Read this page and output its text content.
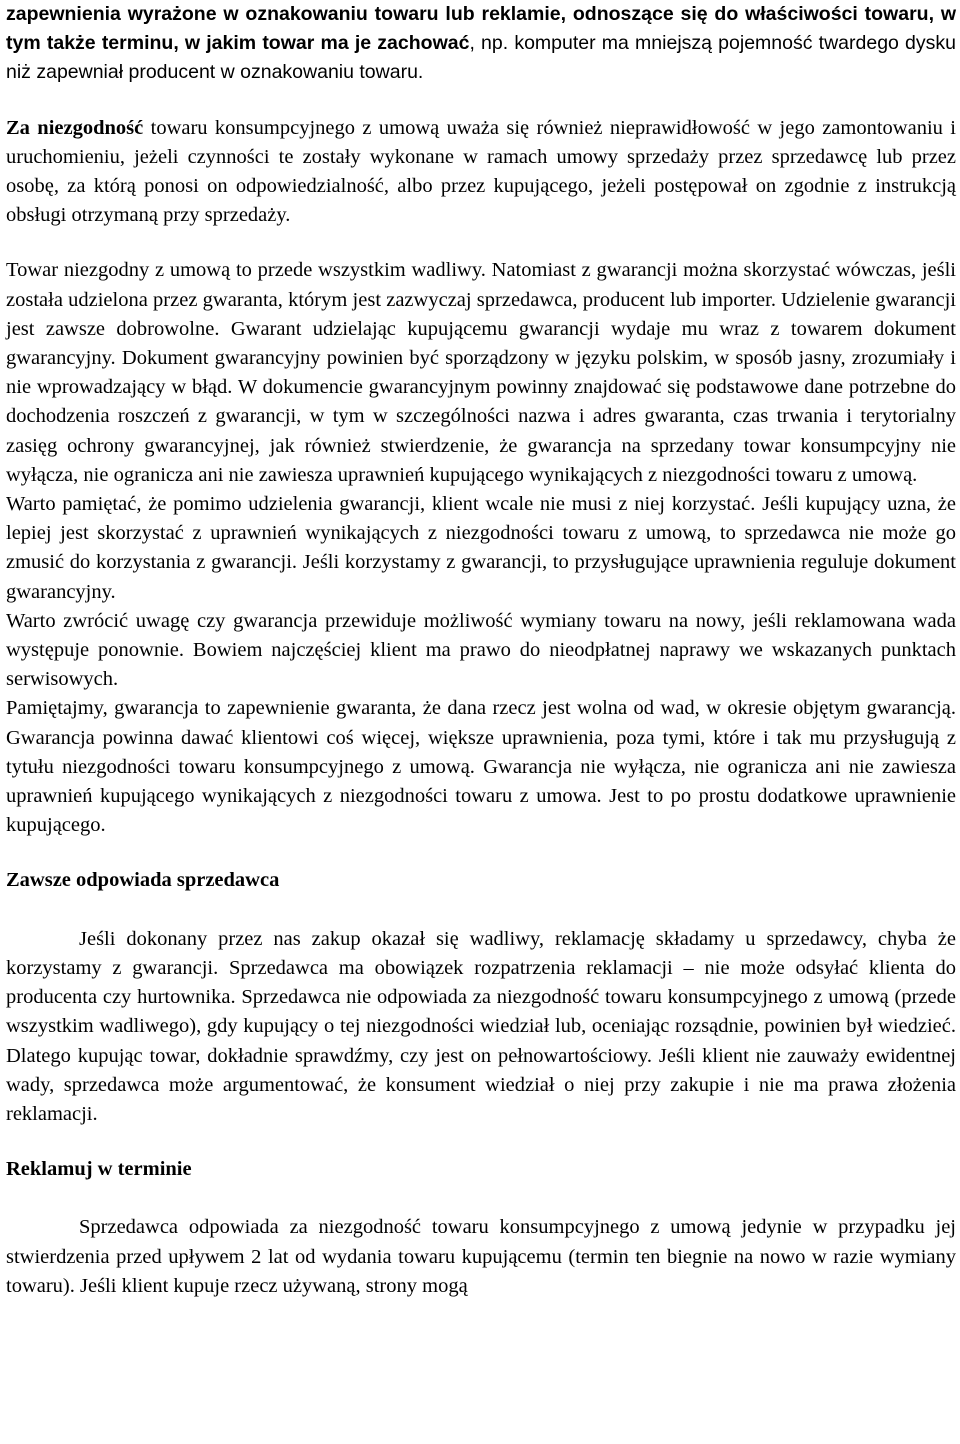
zapewnienia wyrażone w oznakowaniu towaru lub reklamie, odnoszące się do właściwości towaru, w tym także terminu, w jakim towar ma je zachować, np. komputer ma mniejszą pojemność twardego dysku niż zapewniał producent w oznakowaniu towaru.

Za niezgodność towaru konsumpcyjnego z umową uważa się również nieprawidłowość w jego zamontowaniu i uruchomieniu, jeżeli czynności te zostały wykonane w ramach umowy sprzedaży przez sprzedawcę lub przez osobę, za którą ponosi on odpowiedzialność, albo przez kupującego, jeżeli postępował on zgodnie z instrukcją obsługi otrzymaną przy sprzedaży.

Towar niezgodny z umową to przede wszystkim wadliwy. Natomiast z gwarancji można skorzystać wówczas, jeśli została udzielona przez gwaranta, którym jest zazwyczaj sprzedawca, producent lub importer. Udzielenie gwarancji jest zawsze dobrowolne. Gwarant udzielając kupującemu gwarancji wydaje mu wraz z towarem dokument gwarancyjny. Dokument gwarancyjny powinien być sporządzony w języku polskim, w sposób jasny, zrozumiały i nie wprowadzający w błąd. W dokumencie gwarancyjnym powinny znajdować się podstawowe dane potrzebne do dochodzenia roszczeń z gwarancji, w tym w szczególności nazwa i adres gwaranta, czas trwania i terytorialny zasięg ochrony gwarancyjnej, jak również stwierdzenie, że gwarancja na sprzedany towar konsumpcyjny nie wyłącza, nie ogranicza ani nie zawiesza uprawnień kupującego wynikających z niezgodności towaru z umową.

Warto pamiętać, że pomimo udzielenia gwarancji, klient wcale nie musi z niej korzystać. Jeśli kupujący uzna, że lepiej jest skorzystać z uprawnień wynikających z niezgodności towaru z umową, to sprzedawca nie może go zmusić do korzystania z gwarancji. Jeśli korzystamy z gwarancji, to przysługujące uprawnienia reguluje dokument gwarancyjny.

Warto zwrócić uwagę czy gwarancja przewiduje możliwość wymiany towaru na nowy, jeśli reklamowana wada występuje ponownie. Bowiem najczęściej klient ma prawo do nieodpłatnej naprawy we wskazanych punktach serwisowych.

Pamiętajmy, gwarancja to zapewnienie gwaranta, że dana rzecz jest wolna od wad, w okresie objętym gwarancją. Gwarancja powinna dawać klientowi coś więcej, większe uprawnienia, poza tymi, które i tak mu przysługują z tytułu niezgodności towaru konsumpcyjnego z umową. Gwarancja nie wyłącza, nie ogranicza ani nie zawiesza uprawnień kupującego wynikających z niezgodności towaru z umowa. Jest to po prostu dodatkowe uprawnienie kupującego.

Zawsze odpowiada sprzedawca

Jeśli dokonany przez nas zakup okazał się wadliwy, reklamację składamy u sprzedawcy, chyba że korzystamy z gwarancji. Sprzedawca ma obowiązek rozpatrzenia reklamacji – nie może odsyłać klienta do producenta czy hurtownika. Sprzedawca nie odpowiada za niezgodność towaru konsumpcyjnego z umową (przede wszystkim wadliwego), gdy kupujący o tej niezgodności wiedział lub, oceniając rozsądnie, powinien był wiedzieć. Dlatego kupując towar, dokładnie sprawdźmy, czy jest on pełnowartościowy. Jeśli klient nie zauważy ewidentnej wady, sprzedawca może argumentować, że konsument wiedział o niej przy zakupie i nie ma prawa złożenia reklamacji.

Reklamuj w terminie

Sprzedawca odpowiada za niezgodność towaru konsumpcyjnego z umową jedynie w przypadku jej stwierdzenia przed upływem 2 lat od wydania towaru kupującemu (termin ten biegnie na nowo w razie wymiany towaru). Jeśli klient kupuje rzecz używaną, strony mogą
